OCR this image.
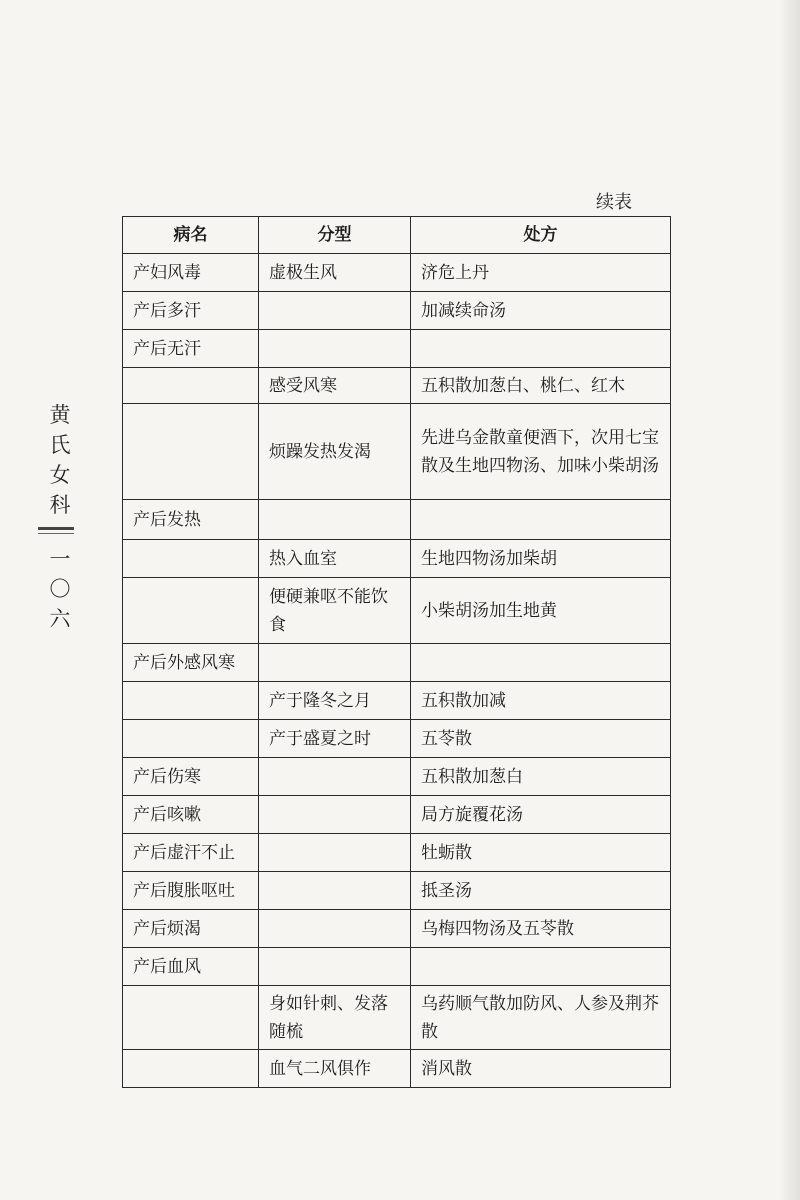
续表
黄
氏
女
科
一
〇
六
病名	分型	处方
产妇风毒	虚极生风	济危上丹
产后多汗		加减续命汤
产后无汗		
	感受风寒	五积散加葱白、桃仁、红木
	烦躁发热发渴	先进乌金散童便酒下，次用七宝散及生地四物汤、加味小柴胡汤
产后发热		
	热入血室	生地四物汤加柴胡
	便硬兼呕不能饮食	小柴胡汤加生地黄
产后外感风寒		
	产于隆冬之月	五积散加减
	产于盛夏之时	五苓散
产后伤寒		五积散加葱白
产后咳嗽		局方旋覆花汤
产后虚汗不止		牡蛎散
产后腹胀呕吐		抵圣汤
产后烦渴		乌梅四物汤及五苓散
产后血风		
	身如针刺、发落随梳	乌药顺气散加防风、人参及荆芥散
	血气二风俱作	消风散
